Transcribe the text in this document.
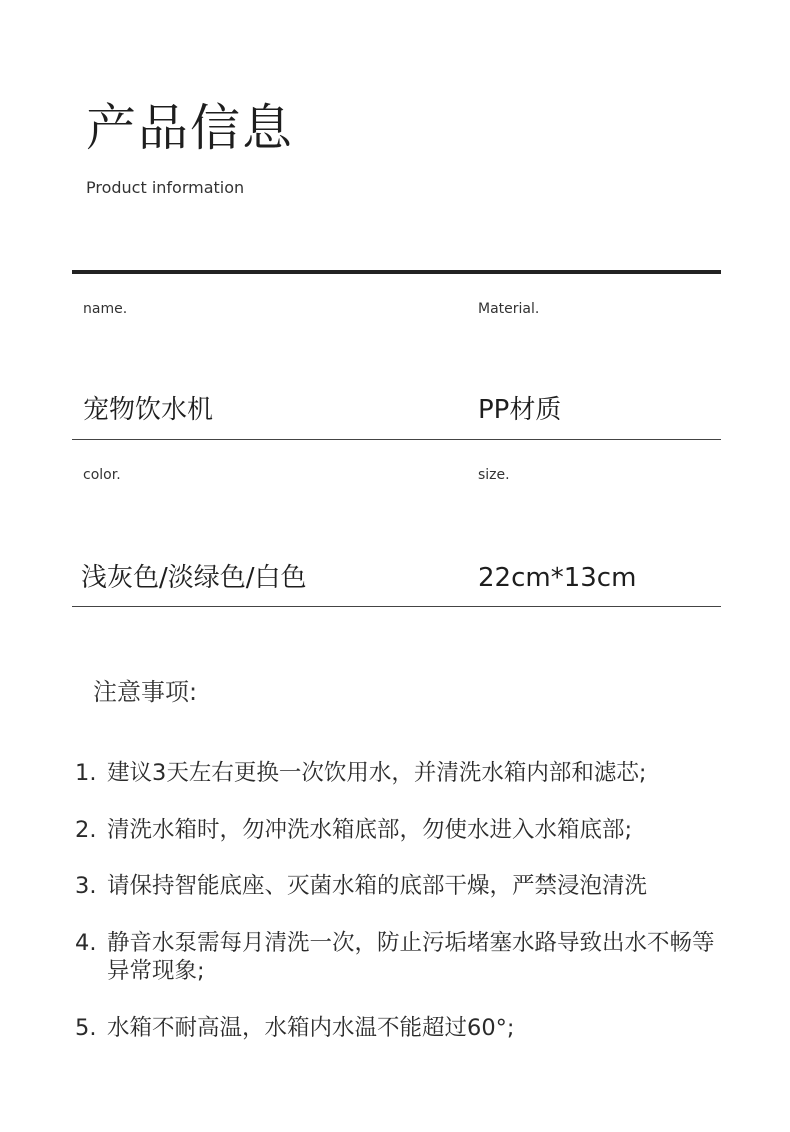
产品信息
Product information
name.	Material.
宠物饮水机	PP材质
color.	size.
浅灰色/淡绿色/白色	22cm*13cm
注意事项:
1. 建议3天左右更换一次饮用水，并清洗水箱内部和滤芯;
2. 清洗水箱时，勿冲洗水箱底部，勿使水进入水箱底部;
3. 请保持智能底座、灭菌水箱的底部干燥，严禁浸泡清洗
4. 静音水泵需每月清洗一次，防止污垢堵塞水路导致出水不畅等异常现象;
5. 水箱不耐高温，水箱内水温不能超过60°;
